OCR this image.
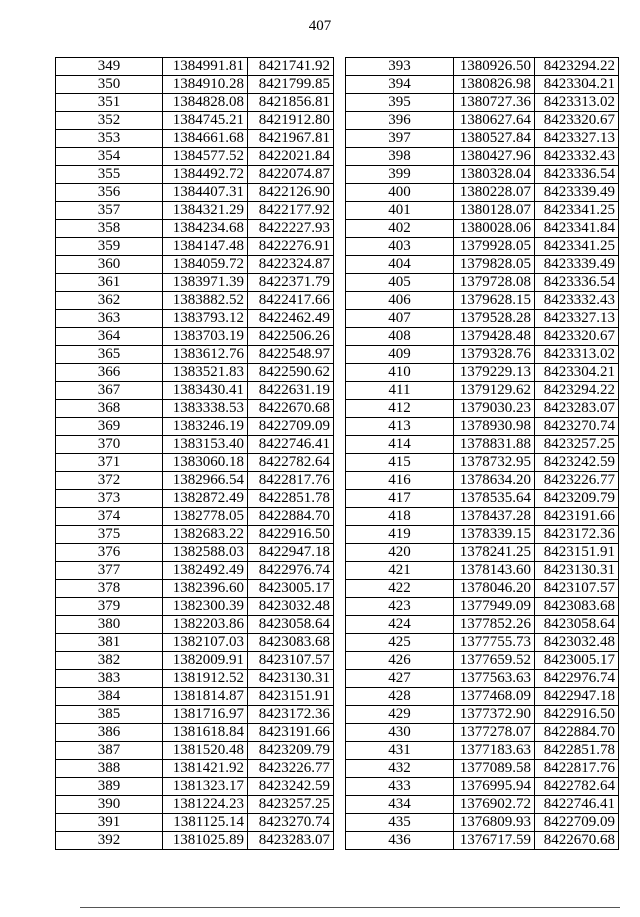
407
349	1384991.81	8421741.92
350	1384910.28	8421799.85
351	1384828.08	8421856.81
352	1384745.21	8421912.80
353	1384661.68	8421967.81
354	1384577.52	8422021.84
355	1384492.72	8422074.87
356	1384407.31	8422126.90
357	1384321.29	8422177.92
358	1384234.68	8422227.93
359	1384147.48	8422276.91
360	1384059.72	8422324.87
361	1383971.39	8422371.79
362	1383882.52	8422417.66
363	1383793.12	8422462.49
364	1383703.19	8422506.26
365	1383612.76	8422548.97
366	1383521.83	8422590.62
367	1383430.41	8422631.19
368	1383338.53	8422670.68
369	1383246.19	8422709.09
370	1383153.40	8422746.41
371	1383060.18	8422782.64
372	1382966.54	8422817.76
373	1382872.49	8422851.78
374	1382778.05	8422884.70
375	1382683.22	8422916.50
376	1382588.03	8422947.18
377	1382492.49	8422976.74
378	1382396.60	8423005.17
379	1382300.39	8423032.48
380	1382203.86	8423058.64
381	1382107.03	8423083.68
382	1382009.91	8423107.57
383	1381912.52	8423130.31
384	1381814.87	8423151.91
385	1381716.97	8423172.36
386	1381618.84	8423191.66
387	1381520.48	8423209.79
388	1381421.92	8423226.77
389	1381323.17	8423242.59
390	1381224.23	8423257.25
391	1381125.14	8423270.74
392	1381025.89	8423283.07
393	1380926.50	8423294.22
394	1380826.98	8423304.21
395	1380727.36	8423313.02
396	1380627.64	8423320.67
397	1380527.84	8423327.13
398	1380427.96	8423332.43
399	1380328.04	8423336.54
400	1380228.07	8423339.49
401	1380128.07	8423341.25
402	1380028.06	8423341.84
403	1379928.05	8423341.25
404	1379828.05	8423339.49
405	1379728.08	8423336.54
406	1379628.15	8423332.43
407	1379528.28	8423327.13
408	1379428.48	8423320.67
409	1379328.76	8423313.02
410	1379229.13	8423304.21
411	1379129.62	8423294.22
412	1379030.23	8423283.07
413	1378930.98	8423270.74
414	1378831.88	8423257.25
415	1378732.95	8423242.59
416	1378634.20	8423226.77
417	1378535.64	8423209.79
418	1378437.28	8423191.66
419	1378339.15	8423172.36
420	1378241.25	8423151.91
421	1378143.60	8423130.31
422	1378046.20	8423107.57
423	1377949.09	8423083.68
424	1377852.26	8423058.64
425	1377755.73	8423032.48
426	1377659.52	8423005.17
427	1377563.63	8422976.74
428	1377468.09	8422947.18
429	1377372.90	8422916.50
430	1377278.07	8422884.70
431	1377183.63	8422851.78
432	1377089.58	8422817.76
433	1376995.94	8422782.64
434	1376902.72	8422746.41
435	1376809.93	8422709.09
436	1376717.59	8422670.68
